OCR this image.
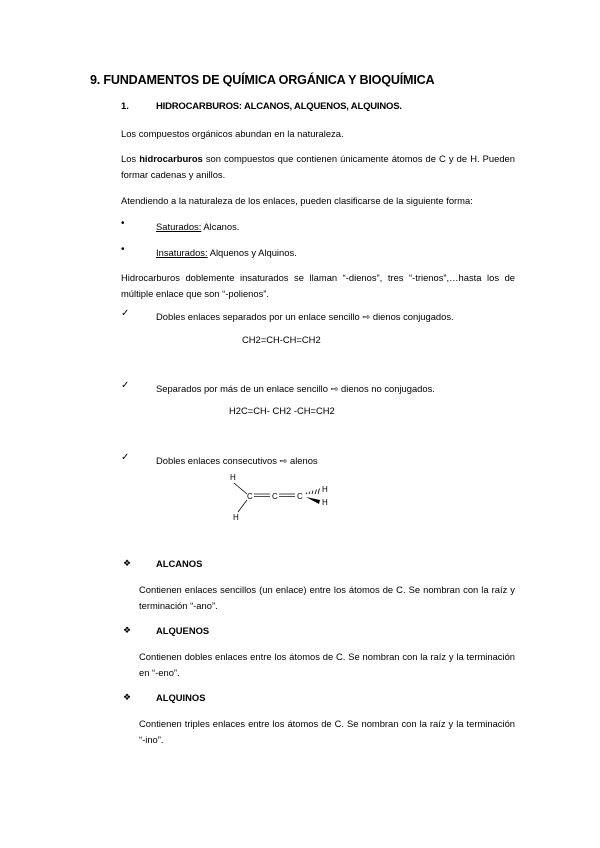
9. FUNDAMENTOS DE QUÍMICA ORGÁNICA Y BIOQUÍMICA
1.	HIDROCARBUROS: ALCANOS, ALQUENOS, ALQUINOS.
Los compuestos orgánicos abundan en la naturaleza.
Los hidrocarburos son compuestos que contienen únicamente átomos de C y de H. Pueden formar cadenas y anillos.
Atendiendo a la naturaleza de los enlaces, pueden clasificarse de la siguiente forma:
•	Saturados: Alcanos.
•	Insaturados: Alquenos y Alquinos.
Hidrocarburos doblemente insaturados se llaman “-dienos”, tres “-trienos”,…hasta los de múltiple enlace que son “-polienos”.
✓	Dobles enlaces separados por un enlace sencillo ⇨ dienos conjugados.
CH2=CH-CH=CH2
✓	Separados por más de un enlace sencillo ⇨ dienos no conjugados.
H2C=CH- CH2 -CH=CH2
✓	Dobles enlaces consecutivos ⇨ alenos
H
C
H
C C
H
H
❖	ALCANOS
Contienen enlaces sencillos (un enlace) entre los átomos de C. Se nombran con la raíz y terminación “-ano”.
❖	ALQUENOS
Contienen dobles enlaces entre los átomos de C. Se nombran con la raíz y la terminación en “-eno”.
❖	ALQUINOS
Contienen triples enlaces entre los átomos de C. Se nombran con la raíz y la terminación “-ino”.
